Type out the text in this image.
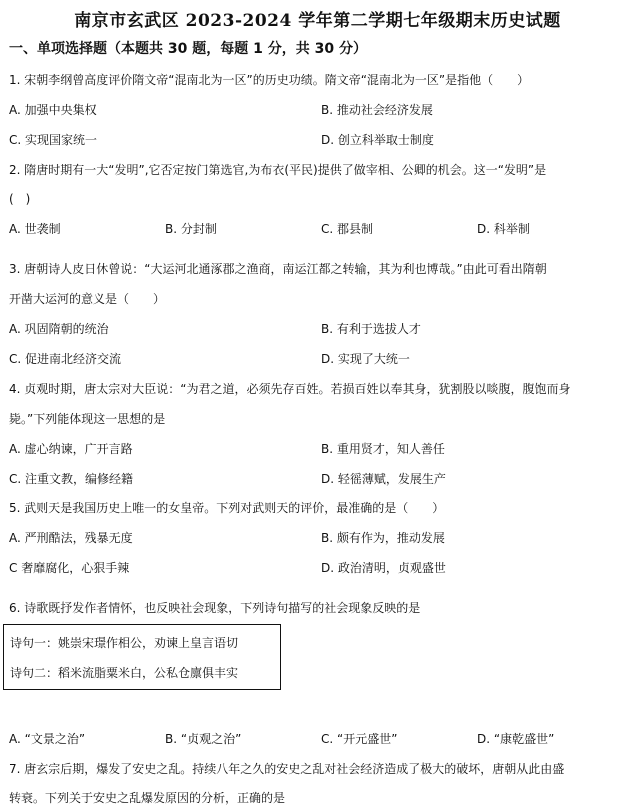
南京市玄武区 2023-2024 学年第二学期七年级期末历史试题
一、单项选择题（本题共 30 题，每题 1 分，共 30 分）
1. 宋朝李纲曾高度评价隋文帝“混南北为一区”的历史功绩。隋文帝“混南北为一区”是指他（　　）
A. 加强中央集权	B. 推动社会经济发展
C. 实现国家统一	D. 创立科举取士制度
2. 隋唐时期有一大“发明”,它否定按门第选官,为布衣(平民)提供了做宰相、公卿的机会。这一“发明”是
(　)
A. 世袭制	B. 分封制	C. 郡县制	D. 科举制
3. 唐朝诗人皮日休曾说：“大运河北通涿郡之渔商，南运江都之转输，其为利也博哉。”由此可看出隋朝
开凿大运河的意义是（　　）
A. 巩固隋朝的统治	B. 有利于选拔人才
C. 促进南北经济交流	D. 实现了大统一
4. 贞观时期，唐太宗对大臣说：“为君之道，必须先存百姓。若损百姓以奉其身，犹割股以啖腹，腹饱而身
毙。”下列能体现这一思想的是
A. 虚心纳谏，广开言路	B. 重用贤才，知人善任
C. 注重文教，编修经籍	D. 轻徭薄赋，发展生产
5. 武则天是我国历史上唯一的女皇帝。下列对武则天的评价，最准确的是（　　）
A. 严刑酷法，残暴无度	B. 颇有作为，推动发展
C 奢靡腐化，心狠手辣	D. 政治清明，贞观盛世
6. 诗歌既抒发作者情怀，也反映社会现象，下列诗句描写的社会现象反映的是
诗句一：姚崇宋璟作相公，劝谏上皇言语切
诗句二：稻米流脂粟米白，公私仓廪俱丰实
A. “文景之治”	B. “贞观之治”	C. “开元盛世”	D. “康乾盛世”
7. 唐玄宗后期，爆发了安史之乱。持续八年之久的安史之乱对社会经济造成了极大的破坏，唐朝从此由盛
转衰。下列关于安史之乱爆发原因的分析，正确的是
